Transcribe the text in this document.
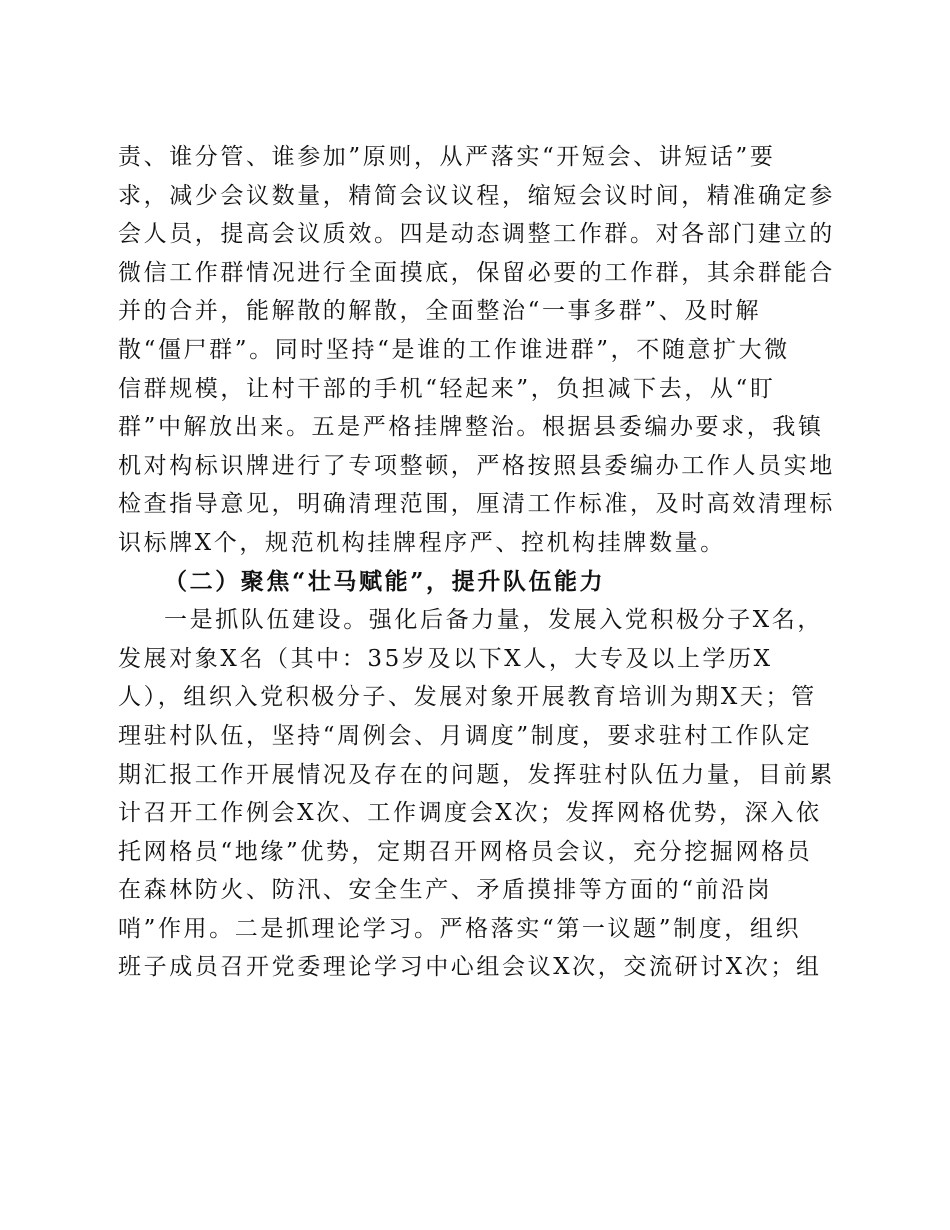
责、谁分管、谁参加”原则，从严落实“开短会、讲短话”要
求，减少会议数量，精简会议议程，缩短会议时间，精准确定参
会人员，提高会议质效。四是动态调整工作群。对各部门建立的
微信工作群情况进行全面摸底，保留必要的工作群，其余群能合
并的合并，能解散的解散，全面整治“一事多群”、及时解
散“僵尸群”。同时坚持“是谁的工作谁进群”，不随意扩大微
信群规模，让村干部的手机“轻起来”，负担减下去，从“盯
群”中解放出来。五是严格挂牌整治。根据县委编办要求，我镇
机对构标识牌进行了专项整顿，严格按照县委编办工作人员实地
检查指导意见，明确清理范围，厘清工作标准，及时高效清理标
识标牌X个，规范机构挂牌程序严、控机构挂牌数量。
（二）聚焦“壮马赋能”，提升队伍能力
一是抓队伍建设。强化后备力量，发展入党积极分子X名，
发展对象X名（其中：35岁及以下X人，大专及以上学历X
人），组织入党积极分子、发展对象开展教育培训为期X天；管
理驻村队伍，坚持“周例会、月调度”制度，要求驻村工作队定
期汇报工作开展情况及存在的问题，发挥驻村队伍力量，目前累
计召开工作例会X次、工作调度会X次；发挥网格优势，深入依
托网格员“地缘”优势，定期召开网格员会议，充分挖掘网格员
在森林防火、防汛、安全生产、矛盾摸排等方面的“前沿岗
哨”作用。二是抓理论学习。严格落实“第一议题”制度，组织
班子成员召开党委理论学习中心组会议X次，交流研讨X次；组
